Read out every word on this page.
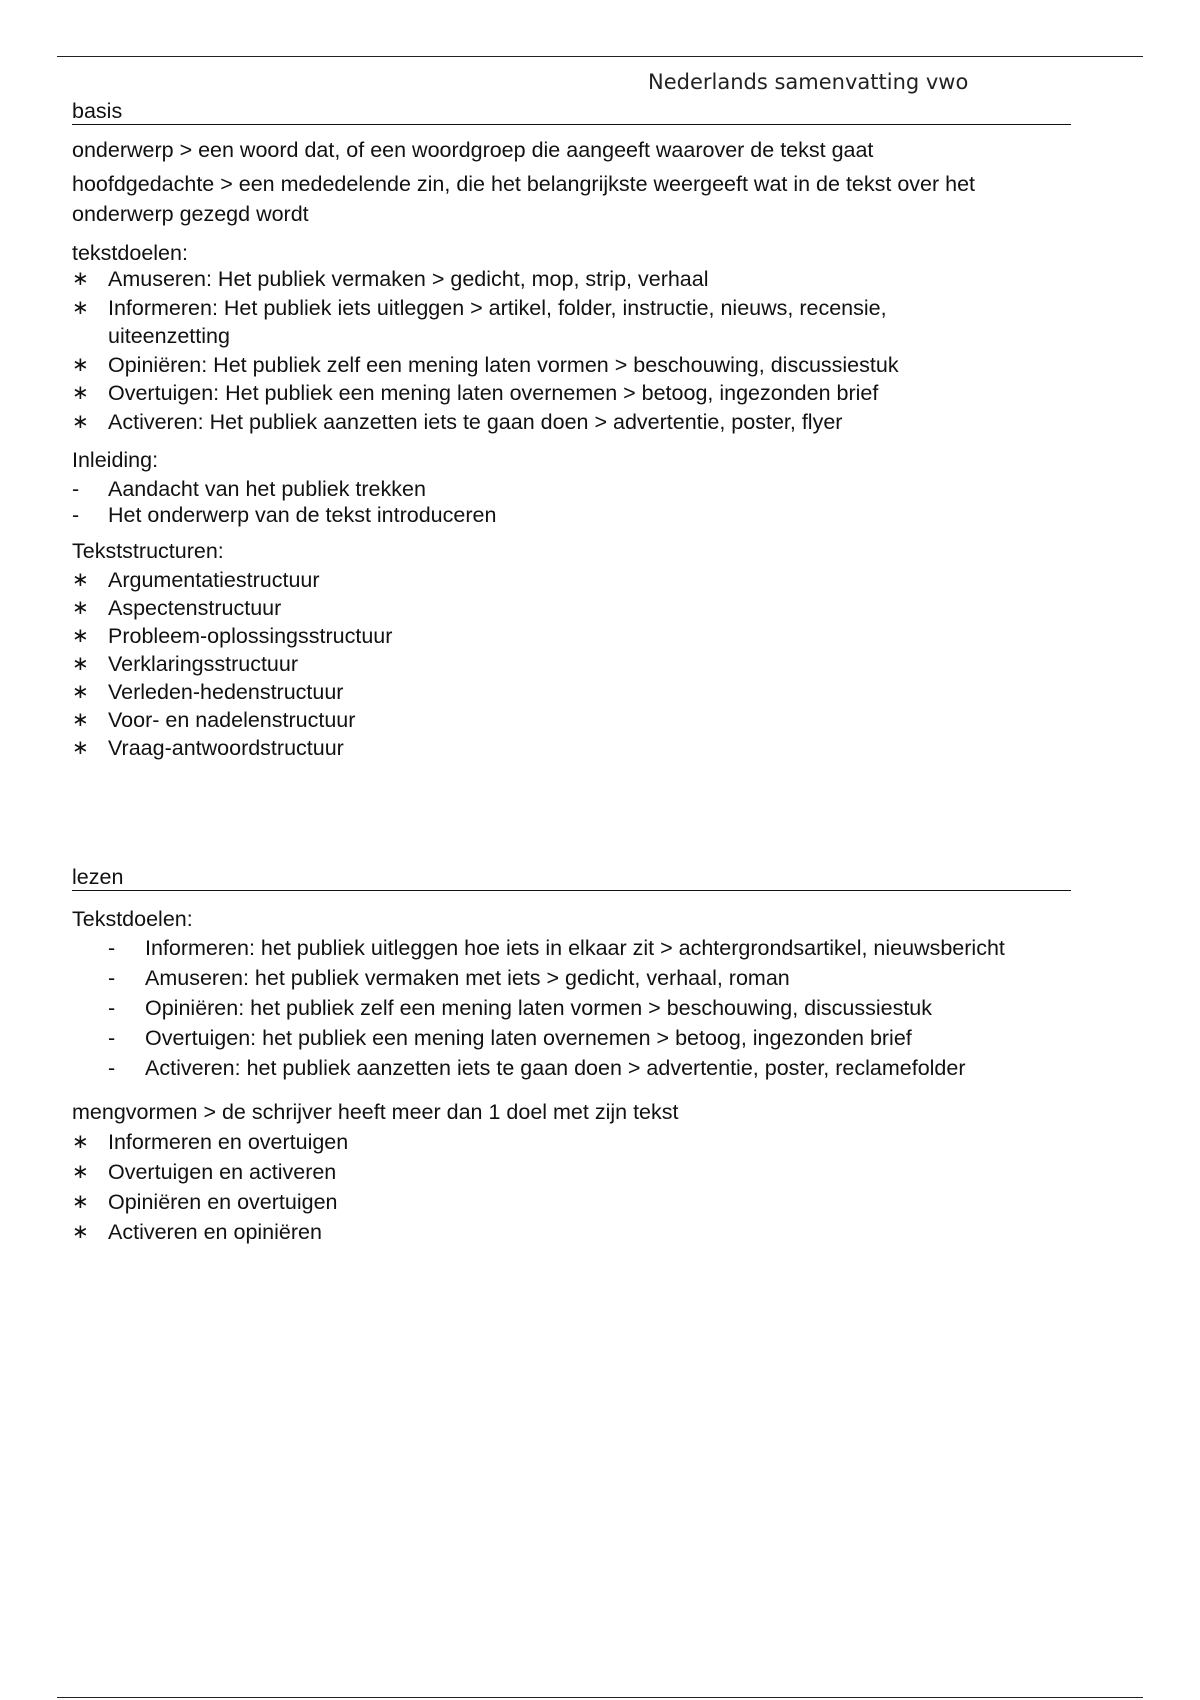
Nederlands samenvatting vwo
basis
onderwerp > een woord dat, of een woordgroep die aangeeft waarover de tekst gaat
hoofdgedachte > een mededelende zin, die het belangrijkste weergeeft wat in de tekst over het
onderwerp gezegd wordt
tekstdoelen:
∗ Amuseren: Het publiek vermaken > gedicht, mop, strip, verhaal
∗ Informeren: Het publiek iets uitleggen > artikel, folder, instructie, nieuws, recensie,
uiteenzetting
∗ Opiniëren: Het publiek zelf een mening laten vormen > beschouwing, discussiestuk
∗ Overtuigen: Het publiek een mening laten overnemen > betoog, ingezonden brief
∗ Activeren: Het publiek aanzetten iets te gaan doen > advertentie, poster, flyer
Inleiding:
-	Aandacht van het publiek trekken
-	Het onderwerp van de tekst introduceren
Tekststructuren:
∗ Argumentatiestructuur
∗ Aspectenstructuur
∗ Probleem-oplossingsstructuur
∗ Verklaringsstructuur
∗ Verleden-hedenstructuur
∗ Voor- en nadelenstructuur
∗ Vraag-antwoordstructuur
lezen
Tekstdoelen:
-	Informeren: het publiek uitleggen hoe iets in elkaar zit > achtergrondsartikel, nieuwsbericht
-	Amuseren: het publiek vermaken met iets > gedicht, verhaal, roman
-	Opiniëren: het publiek zelf een mening laten vormen > beschouwing, discussiestuk
-	Overtuigen: het publiek een mening laten overnemen > betoog, ingezonden brief
-	Activeren: het publiek aanzetten iets te gaan doen > advertentie, poster, reclamefolder
mengvormen > de schrijver heeft meer dan 1 doel met zijn tekst
∗ Informeren en overtuigen
∗ Overtuigen en activeren
∗ Opiniëren en overtuigen
∗ Activeren en opiniëren
